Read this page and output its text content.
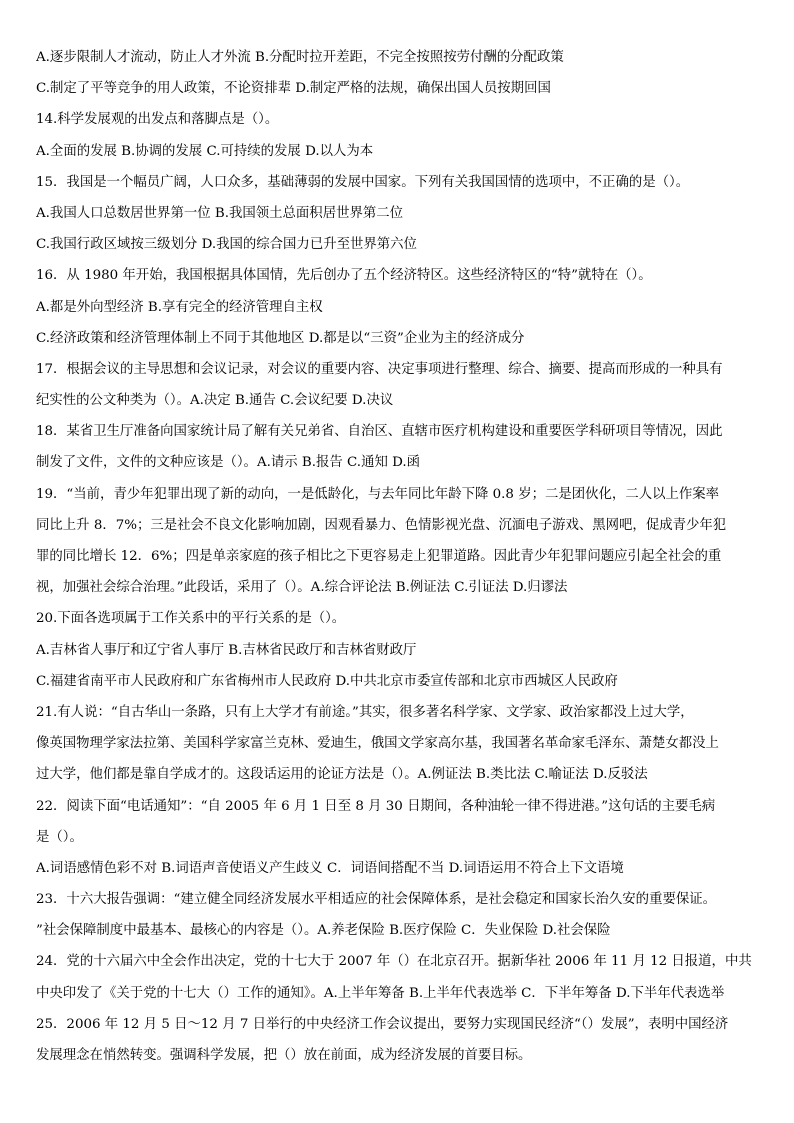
A.逐步限制人才流动，防止人才外流 B.分配时拉开差距，不完全按照按劳付酬的分配政策
C.制定了平等竞争的用人政策，不论资排辈 D.制定严格的法规，确保出国人员按期回国
14.科学发展观的出发点和落脚点是（）。
A.全面的发展 B.协调的发展 C.可持续的发展 D.以人为本
15．我国是一个幅员广阔，人口众多，基础薄弱的发展中国家。下列有关我国国情的选项中，不正确的是（）。
A.我国人口总数居世界第一位 B.我国领土总面积居世界第二位
C.我国行政区域按三级划分 D.我国的综合国力已升至世界第六位
16．从 1980 年开始，我国根据具体国情，先后创办了五个经济特区。这些经济特区的“特”就特在（）。
A.都是外向型经济 B.享有完全的经济管理自主权
C.经济政策和经济管理体制上不同于其他地区 D.都是以“三资”企业为主的经济成分
17．根据会议的主导思想和会议记录，对会议的重要内容、决定事项进行整理、综合、摘要、提高而形成的一种具有
纪实性的公文种类为（）。A.决定 B.通告 C.会议纪要 D.决议
18．某省卫生厅准备向国家统计局了解有关兄弟省、自治区、直辖市医疗机构建设和重要医学科研项目等情况，因此
制发了文件，文件的文种应该是（）。A.请示 B.报告 C.通知 D.函
19．“当前，青少年犯罪出现了新的动向，一是低龄化，与去年同比年龄下降 0.8 岁；二是团伙化，二人以上作案率
同比上升 8．7%；三是社会不良文化影响加剧，因观看暴力、色情影视光盘、沉湎电子游戏、黑网吧，促成青少年犯
罪的同比增长 12．6%；四是单亲家庭的孩子相比之下更容易走上犯罪道路。因此青少年犯罪问题应引起全社会的重
视，加强社会综合治理。”此段话，采用了（）。A.综合评论法 B.例证法 C.引证法 D.归谬法
20.下面各选项属于工作关系中的平行关系的是（）。
A.吉林省人事厅和辽宁省人事厅 B.吉林省民政厅和吉林省财政厅
C.福建省南平市人民政府和广东省梅州市人民政府 D.中共北京市委宣传部和北京市西城区人民政府
21.有人说：“自古华山一条路，只有上大学才有前途。”其实，很多著名科学家、文学家、政治家都没上过大学，
像英国物理学家法拉第、美国科学家富兰克林、爱迪生，俄国文学家高尔基，我国著名革命家毛泽东、萧楚女都没上
过大学，他们都是靠自学成才的。这段话运用的论证方法是（）。A.例证法 B.类比法 C.喻证法 D.反驳法
22．阅读下面“电话通知”：“自 2005 年 6 月 1 日至 8 月 30 日期间，各种油轮一律不得进港。”这句话的主要毛病
是（）。
A.词语感情色彩不对 B.词语声音使语义产生歧义 C．词语间搭配不当 D.词语运用不符合上下文语境
23．十六大报告强调：“建立健全同经济发展水平相适应的社会保障体系，是社会稳定和国家长治久安的重要保证。
”社会保障制度中最基本、最核心的内容是（）。A.养老保险 B.医疗保险 C．失业保险 D.社会保险
24．党的十六届六中全会作出决定，党的十七大于 2007 年（）在北京召开。据新华社 2006 年 11 月 12 日报道，中共
中央印发了《关于党的十七大（）工作的通知》。A.上半年筹备 B.上半年代表选举 C．下半年筹备 D.下半年代表选举
25．2006 年 12 月 5 日～12 月 7 日举行的中央经济工作会议提出，要努力实现国民经济“（）发展”，表明中国经济
发展理念在悄然转变。强调科学发展，把（）放在前面，成为经济发展的首要目标。
